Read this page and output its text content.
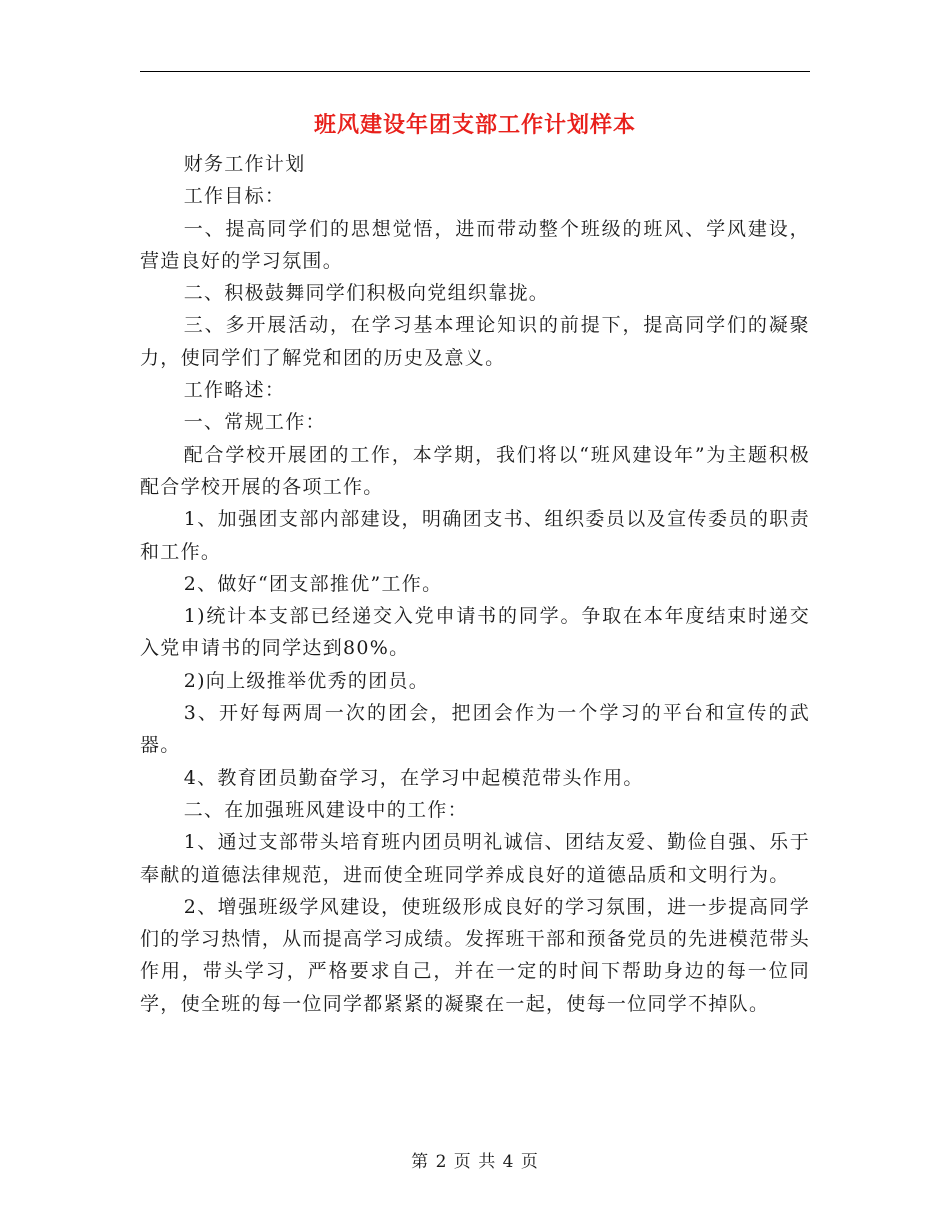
班风建设年团支部工作计划样本

财务工作计划

工作目标：

一、提高同学们的思想觉悟，进而带动整个班级的班风、学风建设，营造良好的学习氛围。

二、积极鼓舞同学们积极向党组织靠拢。

三、多开展活动，在学习基本理论知识的前提下，提高同学们的凝聚力，使同学们了解党和团的历史及意义。

工作略述：

一、常规工作：

配合学校开展团的工作，本学期，我们将以“班风建设年”为主题积极配合学校开展的各项工作。

1、加强团支部内部建设，明确团支书、组织委员以及宣传委员的职责和工作。

2、做好“团支部推优”工作。

1)统计本支部已经递交入党申请书的同学。争取在本年度结束时递交入党申请书的同学达到80%。

2)向上级推举优秀的团员。

3、开好每两周一次的团会，把团会作为一个学习的平台和宣传的武器。

4、教育团员勤奋学习，在学习中起模范带头作用。

二、在加强班风建设中的工作：

1、通过支部带头培育班内团员明礼诚信、团结友爱、勤俭自强、乐于奉献的道德法律规范，进而使全班同学养成良好的道德品质和文明行为。

2、增强班级学风建设，使班级形成良好的学习氛围，进一步提高同学们的学习热情，从而提高学习成绩。发挥班干部和预备党员的先进模范带头作用，带头学习，严格要求自己，并在一定的时间下帮助身边的每一位同学，使全班的每一位同学都紧紧的凝聚在一起，使每一位同学不掉队。

第 2 页 共 4 页
